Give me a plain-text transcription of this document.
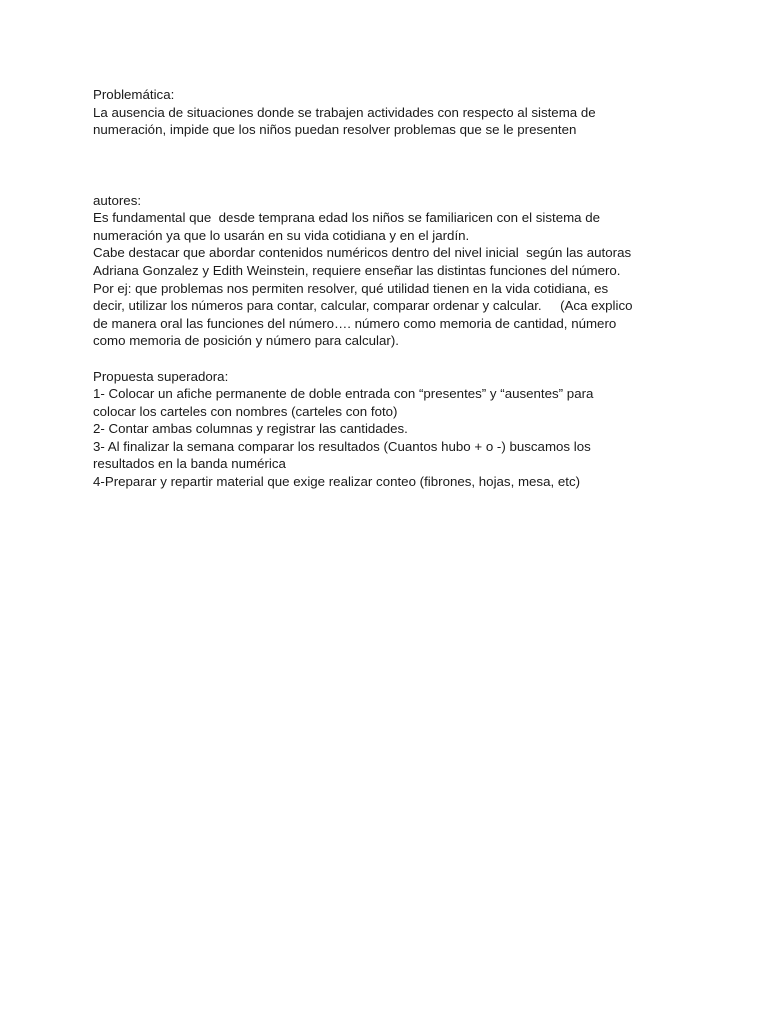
Problemática:
La ausencia de situaciones donde se trabajen actividades con respecto al sistema de
numeración, impide que los niños puedan resolver problemas que se le presenten
autores:
Es fundamental que  desde temprana edad los niños se familiaricen con el sistema de
numeración ya que lo usarán en su vida cotidiana y en el jardín.
Cabe destacar que abordar contenidos numéricos dentro del nivel inicial  según las autoras
Adriana Gonzalez y Edith Weinstein, requiere enseñar las distintas funciones del número.
Por ej: que problemas nos permiten resolver, qué utilidad tienen en la vida cotidiana, es
decir, utilizar los números para contar, calcular, comparar ordenar y calcular.     (Aca explico
de manera oral las funciones del número…. número como memoria de cantidad, número
como memoria de posición y número para calcular).
Propuesta superadora:
1- Colocar un afiche permanente de doble entrada con “presentes” y “ausentes” para
colocar los carteles con nombres (carteles con foto)
2- Contar ambas columnas y registrar las cantidades.
3- Al finalizar la semana comparar los resultados (Cuantos hubo + o -) buscamos los
resultados en la banda numérica
4-Preparar y repartir material que exige realizar conteo (fibrones, hojas, mesa, etc)
